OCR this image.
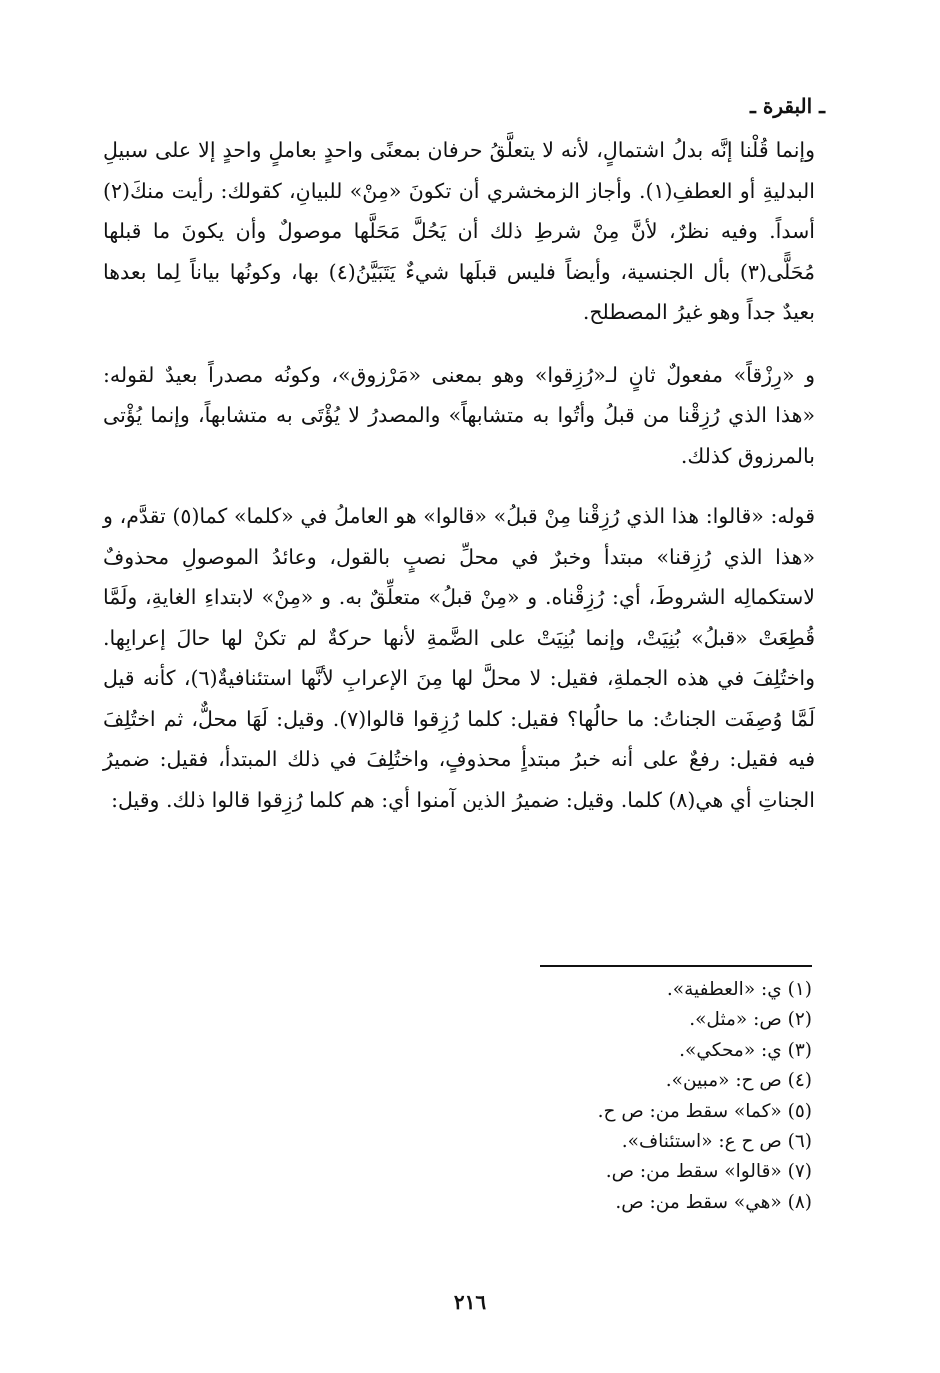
ـ البقرة ـ

وإنما قُلْنا إنَّه بدلُ اشتمالٍ، لأنه لا يتعلَّقُ حرفان بمعنًى واحدٍ بعاملٍ واحدٍ إلا على سبيلِ البدليةِ أو العطفِ(١). وأجاز الزمخشري أن تكونَ «مِنْ» للبيانِ، كقولك: رأيت منكَ(٢) أسداً. وفيه نظرٌ، لأنَّ مِنْ شرطِ ذلك أن يَحُلَّ مَحَلَّها موصولٌ وأن يكونَ ما قبلها مُحَلًّى(٣) بأل الجنسية، وأيضاً فليس قبلَها شيءٌ يَتَبَيَّنُ(٤) بها، وكونُها بياناً لِما بعدها بعيدٌ جداً وهو غيرُ المصطلح.

و «رِزْقاً» مفعولٌ ثانٍ لـ«رُزِقوا» وهو بمعنى «مَرْزوق»، وكونُه مصدراً بعيدٌ لقوله: «هذا الذي رُزِقْنا من قبلُ وأتُوا به متشابهاً» والمصدرُ لا يُؤْتَى به متشابهاً، وإنما يُؤْتى بالمرزوق كذلك.

قوله: «قالوا: هذا الذي رُزِقْنا مِنْ قبلُ» «قالوا» هو العاملُ في «كلما» كما(٥) تقدَّم، و «هذا الذي رُزِقنا» مبتدأ وخبرٌ في محلِّ نصبٍ بالقول، وعائدُ الموصولِ محذوفٌ لاستكمالِه الشروطَ، أي: رُزِقْناه. و «مِنْ قبلُ» متعلِّقٌ به. و «مِنْ» لابتداءِ الغايةِ، ولَمَّا قُطِعَتْ «قبلُ» بُنِيَتْ، وإنما بُنِيَتْ على الضَّمةِ لأنها حركةٌ لم تكنْ لها حالَ إعرابِها. واختُلِفَ في هذه الجملةِ، فقيل: لا محلَّ لها مِنَ الإعرابِ لأنَّها استئنافيةٌ(٦)، كأنه قيل لَمَّا وُصِفَت الجناتُ: ما حالُها؟ فقيل: كلما رُزِقوا قالوا(٧). وقيل: لَهَا محلٌّ، ثم اختُلِفَ فيه فقيل: رفعٌ على أنه خبرُ مبتدأٍ محذوفٍ، واختُلِفَ في ذلك المبتدأ، فقيل: ضميرُ الجناتِ أي هي(٨) كلما. وقيل: ضميرُ الذين آمنوا أي: هم كلما رُزِقوا قالوا ذلك. وقيل:

(١) ي: «العطفية».
(٢) ص: «مثل».
(٣) ي: «محكي».
(٤) ص ح: «مبين».
(٥) «كما» سقط من: ص ح.
(٦) ص ح ع: «استئناف».
(٧) «قالوا» سقط من: ص.
(٨) «هي» سقط من: ص.
٢١٦
